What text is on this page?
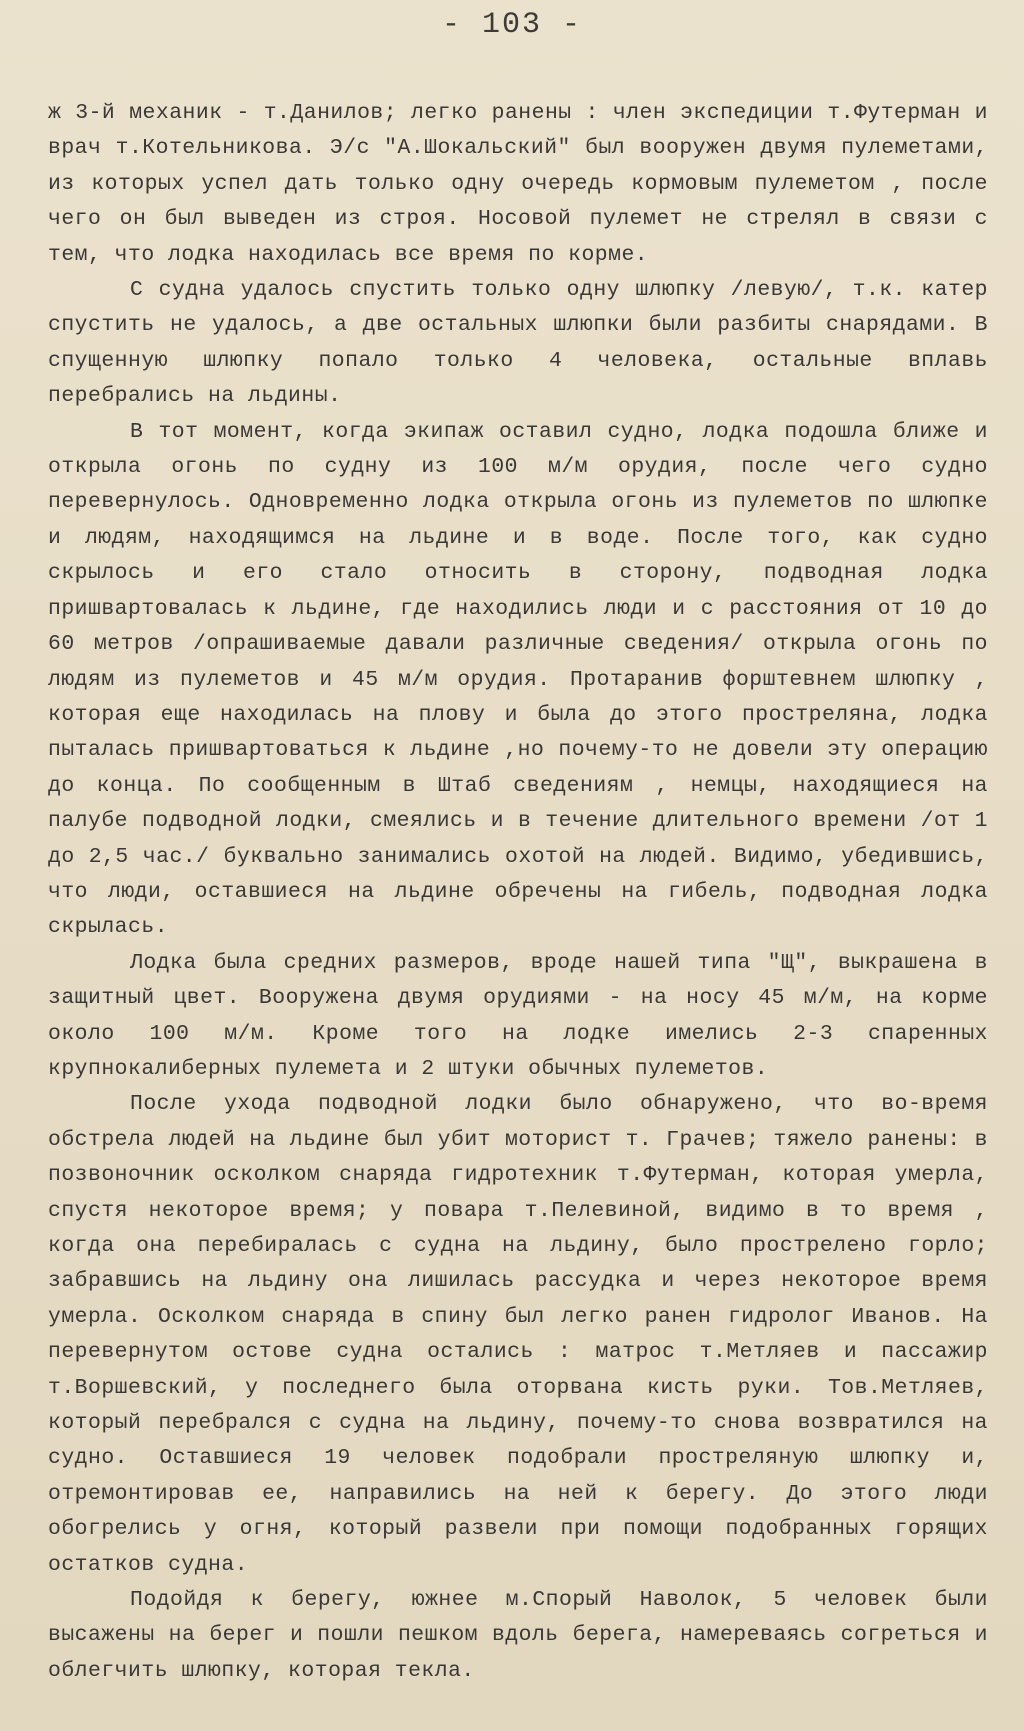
- 103 -

ж 3-й механик - т.Данилов; легко ранены : член экспедиции т.Футерман и врач т.Котельникова. Э/с "А.Шокальский" был вооружен двумя пулеметами, из которых успел дать только одну очередь кормовым пулеметом , после чего он был выведен из строя. Носовой пулемет не стрелял в связи с тем, что лодка находилась все время по корме.

С судна удалось спустить только одну шлюпку /левую/, т.к. катер спустить не удалось, а две остальных шлюпки были разбиты снарядами. В спущенную шлюпку попало только 4 человека, остальные вплавь перебрались на льдины.

В тот момент, когда экипаж оставил судно, лодка подошла ближе и открыла огонь по судну из 100 м/м орудия, после чего судно перевернулось. Одновременно лодка открыла огонь из пулеметов по шлюпке и людям, находящимся на льдине и в воде. После того, как судно скрылось и его стало относить в сторону, подводная лодка пришвартовалась к льдине, где находились люди и с расстояния от 10 до 60 метров /опрашиваемые давали различные сведения/ открыла огонь по людям из пулеметов и 45 м/м орудия. Протаранив форштевнем шлюпку , которая еще находилась на плову и была до этого простреляна, лодка пыталась пришвартоваться к льдине ,но почему-то не довели эту операцию до конца. По сообщенным в Штаб сведениям , немцы, находящиеся на палубе подводной лодки, смеялись и в течение длительного времени /от 1 до 2,5 час./ буквально занимались охотой на людей. Видимо, убедившись, что люди, оставшиеся на льдине обречены на гибель, подводная лодка скрылась.

Лодка была средних размеров, вроде нашей типа "Щ", выкрашена в защитный цвет. Вооружена двумя орудиями - на носу 45 м/м, на корме около 100 м/м. Кроме того на лодке имелись 2-3 спаренных крупнокалиберных пулемета и 2 штуки обычных пулеметов.

После ухода подводной лодки было обнаружено, что во-время обстрела людей на льдине был убит моторист т. Грачев; тяжело ранены: в позвоночник осколком снаряда гидротехник т.Футерман, которая умерла, спустя некоторое время; у повара т.Пелевиной, видимо в то время , когда она перебиралась с судна на льдину, было прострелено горло; забравшись на льдину она лишилась рассудка и через некоторое время умерла. Осколком снаряда в спину был легко ранен гидролог Иванов. На перевернутом остове судна остались : матрос т.Метляев и пассажир т.Воршевский, у последнего была оторвана кисть руки. Тов.Метляев, который перебрался с судна на льдину, почему-то снова возвратился на судно. Оставшиеся 19 человек подобрали простреляную шлюпку и, отремонтировав ее, направились на ней к берегу. До этого люди обогрелись у огня, который развели при помощи подобранных горящих остатков судна.

Подойдя к берегу, южнее м.Спорый Наволок, 5 человек были высажены на берег и пошли пешком вдоль берега, намереваясь согреться и облегчить шлюпку, которая текла.
